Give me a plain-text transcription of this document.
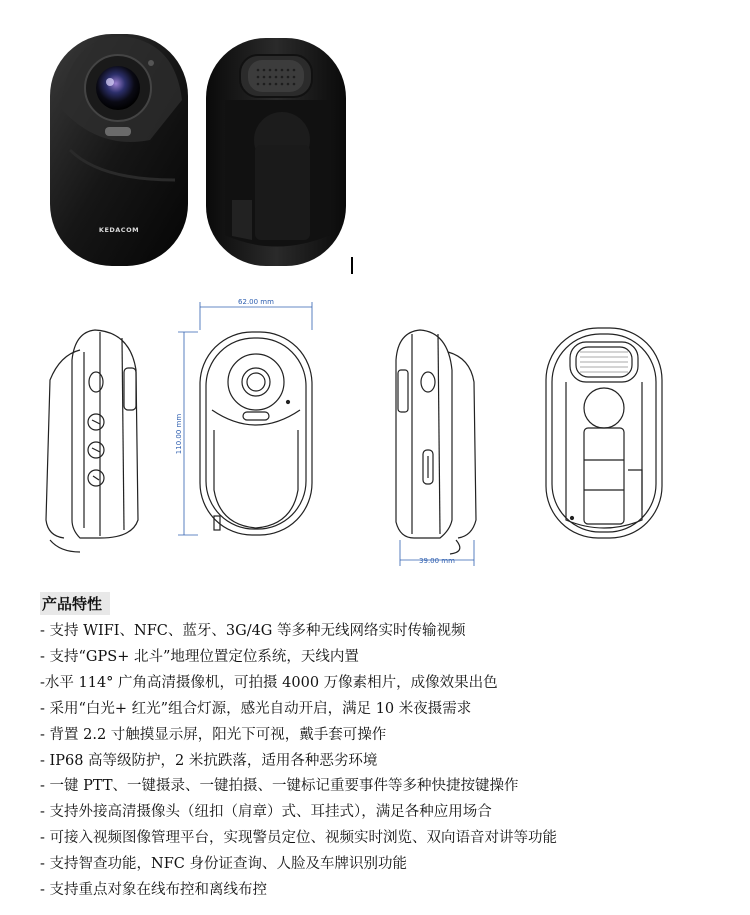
KEDACOM
62.00 mm
110.00 mm
39.00 mm
产品特性
- 支持 WIFI、NFC、蓝牙、3G/4G 等多种无线网络实时传输视频
- 支持“GPS+ 北斗”地理位置定位系统，天线内置
-水平 114° 广角高清摄像机，可拍摄 4000 万像素相片，成像效果出色
- 采用“白光+ 红光”组合灯源，感光自动开启，满足 10 米夜摄需求
- 背置 2.2 寸触摸显示屏，阳光下可视，戴手套可操作
- IP68 高等级防护，2 米抗跌落，适用各种恶劣环境
- 一键 PTT、一键摄录、一键拍摄、一键标记重要事件等多种快捷按键操作
- 支持外接高清摄像头（纽扣（肩章）式、耳挂式），满足各种应用场合
- 可接入视频图像管理平台，实现警员定位、视频实时浏览、双向语音对讲等功能
- 支持智查功能，NFC 身份证查询、人脸及车牌识别功能
- 支持重点对象在线布控和离线布控
